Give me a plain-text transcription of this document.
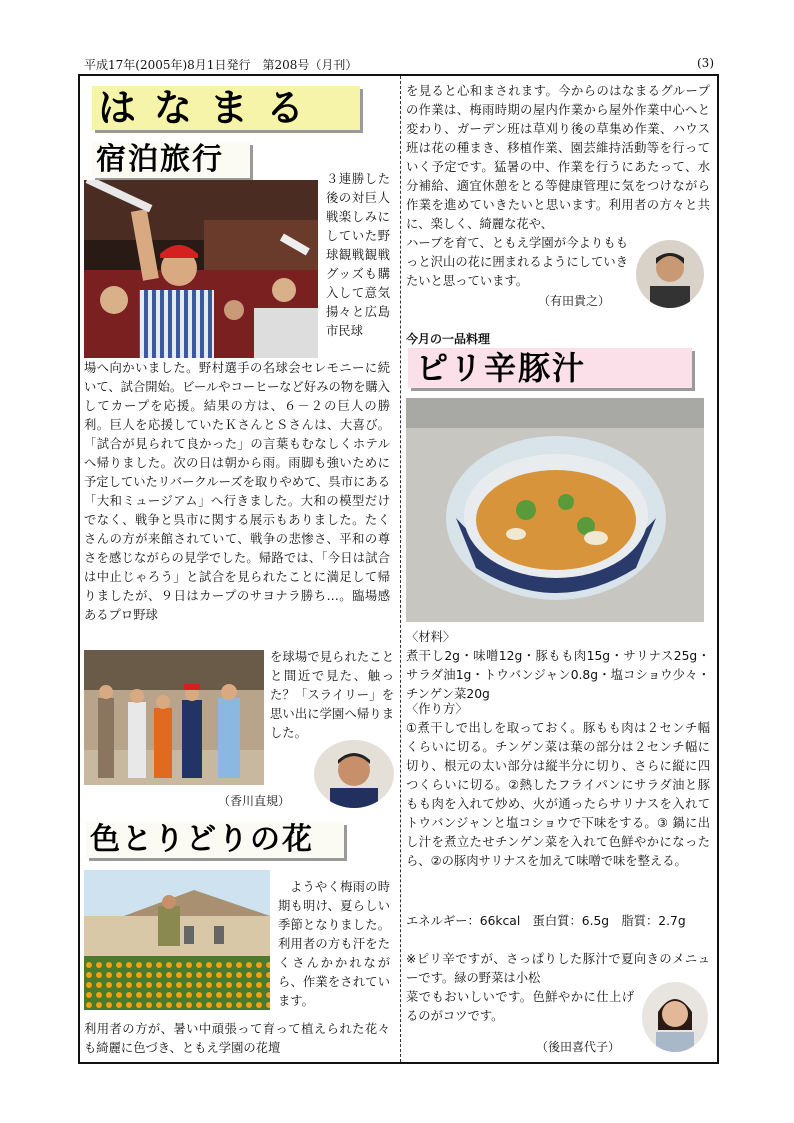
平成17年(2005年)8月1日発行　第208号（月刊）	(3)
はなまる
宿泊旅行

３連勝した後の対巨人戦楽しみにしていた野球観戦観戦グッズも購入して意気揚々と広島市民球

場へ向かいました。野村選手の名球会セレモニーに続いて、試合開始。ビールやコーヒーなど好みの物を購入してカープを応援。結果の方は、６－２の巨人の勝利。巨人を応援していたＫさんとＳさんは、大喜び。「試合が見られて良かった」の言葉もむなしくホテルへ帰りました。次の日は朝から雨。雨脚も強いために予定していたリバークルーズを取りやめて、呉市にある「大和ミュージアム」へ行きました。大和の模型だけでなく、戦争と呉市に関する展示もありました。たくさんの方が来館されていて、戦争の悲惨さ、平和の尊さを感じながらの見学でした。帰路では、「今日は試合は中止じゃろう」と試合を見られたことに満足して帰りましたが、９日はカープのサヨナラ勝ち…。臨場感あるプロ野球

を球場で見られたことと間近で見た、触った？「スライリー」を思い出に学園へ帰りました。

（香川直規）
色とりどりの花

ようやく梅雨の時期も明け、夏らしい季節となりました。利用者の方も汗をたくさんかかれながら、作業をされています。

利用者の方が、暑い中頑張って育って植えられた花々も綺麗に色づき、ともえ学園の花壇

を見ると心和まされます。今からのはなまるグループの作業は、梅雨時期の屋内作業から屋外作業中心へと変わり、ガーデン班は草刈り後の草集め作業、ハウス班は花の種まき、移植作業、園芸維持活動等を行っていく予定です。猛暑の中、作業を行うにあたって、水分補給、適宜休憩をとる等健康管理に気をつけながら作業を進めていきたいと思います。利用者の方々と共に、楽しく、綺麗な花や、

ハーブを育て、ともえ学園が今よりももっと沢山の花に囲まれるようにしていきたいと思っています。

（有田貴之）
今月の一品料理
ピリ辛豚汁

〈材料〉

煮干し2g・味噌12g・豚もも肉15g・サリナス25g・サラダ油1g・トウバンジャン0.8g・塩コショウ少々・チンゲン菜20g

〈作り方〉

①煮干しで出しを取っておく。豚もも肉は２センチ幅くらいに切る。チンゲン菜は葉の部分は２センチ幅に切り、根元の太い部分は縦半分に切り、さらに縦に四つくらいに切る。②熱したフライパンにサラダ油と豚もも肉を入れて炒め、火が通ったらサリナスを入れてトウバンジャンと塩コショウで下味をする。③ 鍋に出し汁を煮立たせチンゲン菜を入れて色鮮やかになったら、②の豚肉サリナスを加えて味噌で味を整える。

エネルギー：66kcal　蛋白質：6.5g　脂質：2.7g

※ピリ辛ですが、さっぱりした豚汁で夏向きのメニューです。緑の野菜は小松

菜でもおいしいです。色鮮やかに仕上げるのがコツです。

（後田喜代子）
